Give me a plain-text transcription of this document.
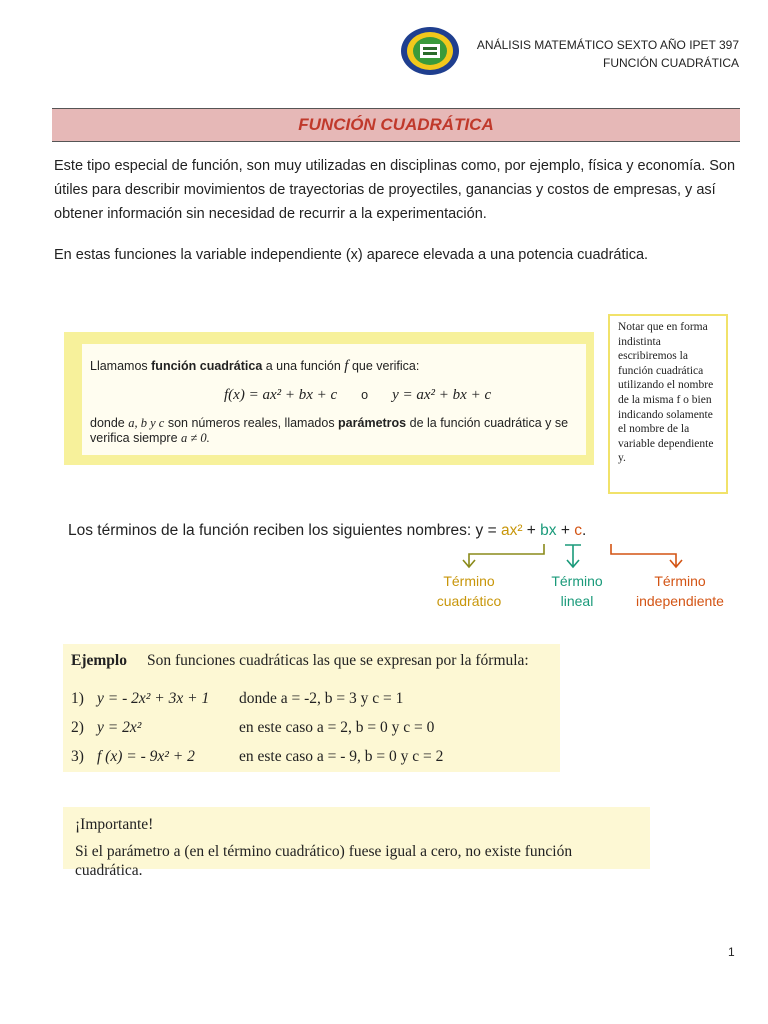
ANÁLISIS MATEMÁTICO SEXTO AÑO IPET 397
FUNCIÓN CUADRÁTICA
FUNCIÓN CUADRÁTICA
Este tipo especial de función, son muy utilizadas en disciplinas como, por ejemplo, física y economía. Son útiles para describir movimientos de trayectorias de proyectiles, ganancias y costos de empresas, y así obtener información sin necesidad de recurrir a la experimentación.
En estas funciones la variable independiente (x) aparece elevada a una potencia cuadrática.
Llamamos función cuadrática a una función f que verifica:
f(x) = ax² + bx + c o y = ax² + bx + c
donde a, b y c son números reales, llamados parámetros de la función cuadrática y se verifica siempre a ≠ 0.
Notar que en forma indistinta escribiremos la función cuadrática utilizando el nombre de la misma f o bien indicando solamente el nombre de la variable dependiente y.
Los términos de la función reciben los siguientes nombres: y = ax² + bx + c.
Término
cuadrático
Término
lineal
Término
independiente
Ejemplo Son funciones cuadráticas las que se expresan por la fórmula:
1) y = - 2x² + 3x + 1 donde a = -2, b = 3 y c = 1
2) y = 2x²	en este caso a = 2, b = 0 y c = 0
3) f (x) = - 9x² + 2	en este caso a = - 9, b = 0 y c = 2
¡Importante!
Si el parámetro a (en el término cuadrático) fuese igual a cero, no existe función cuadrática.
1
